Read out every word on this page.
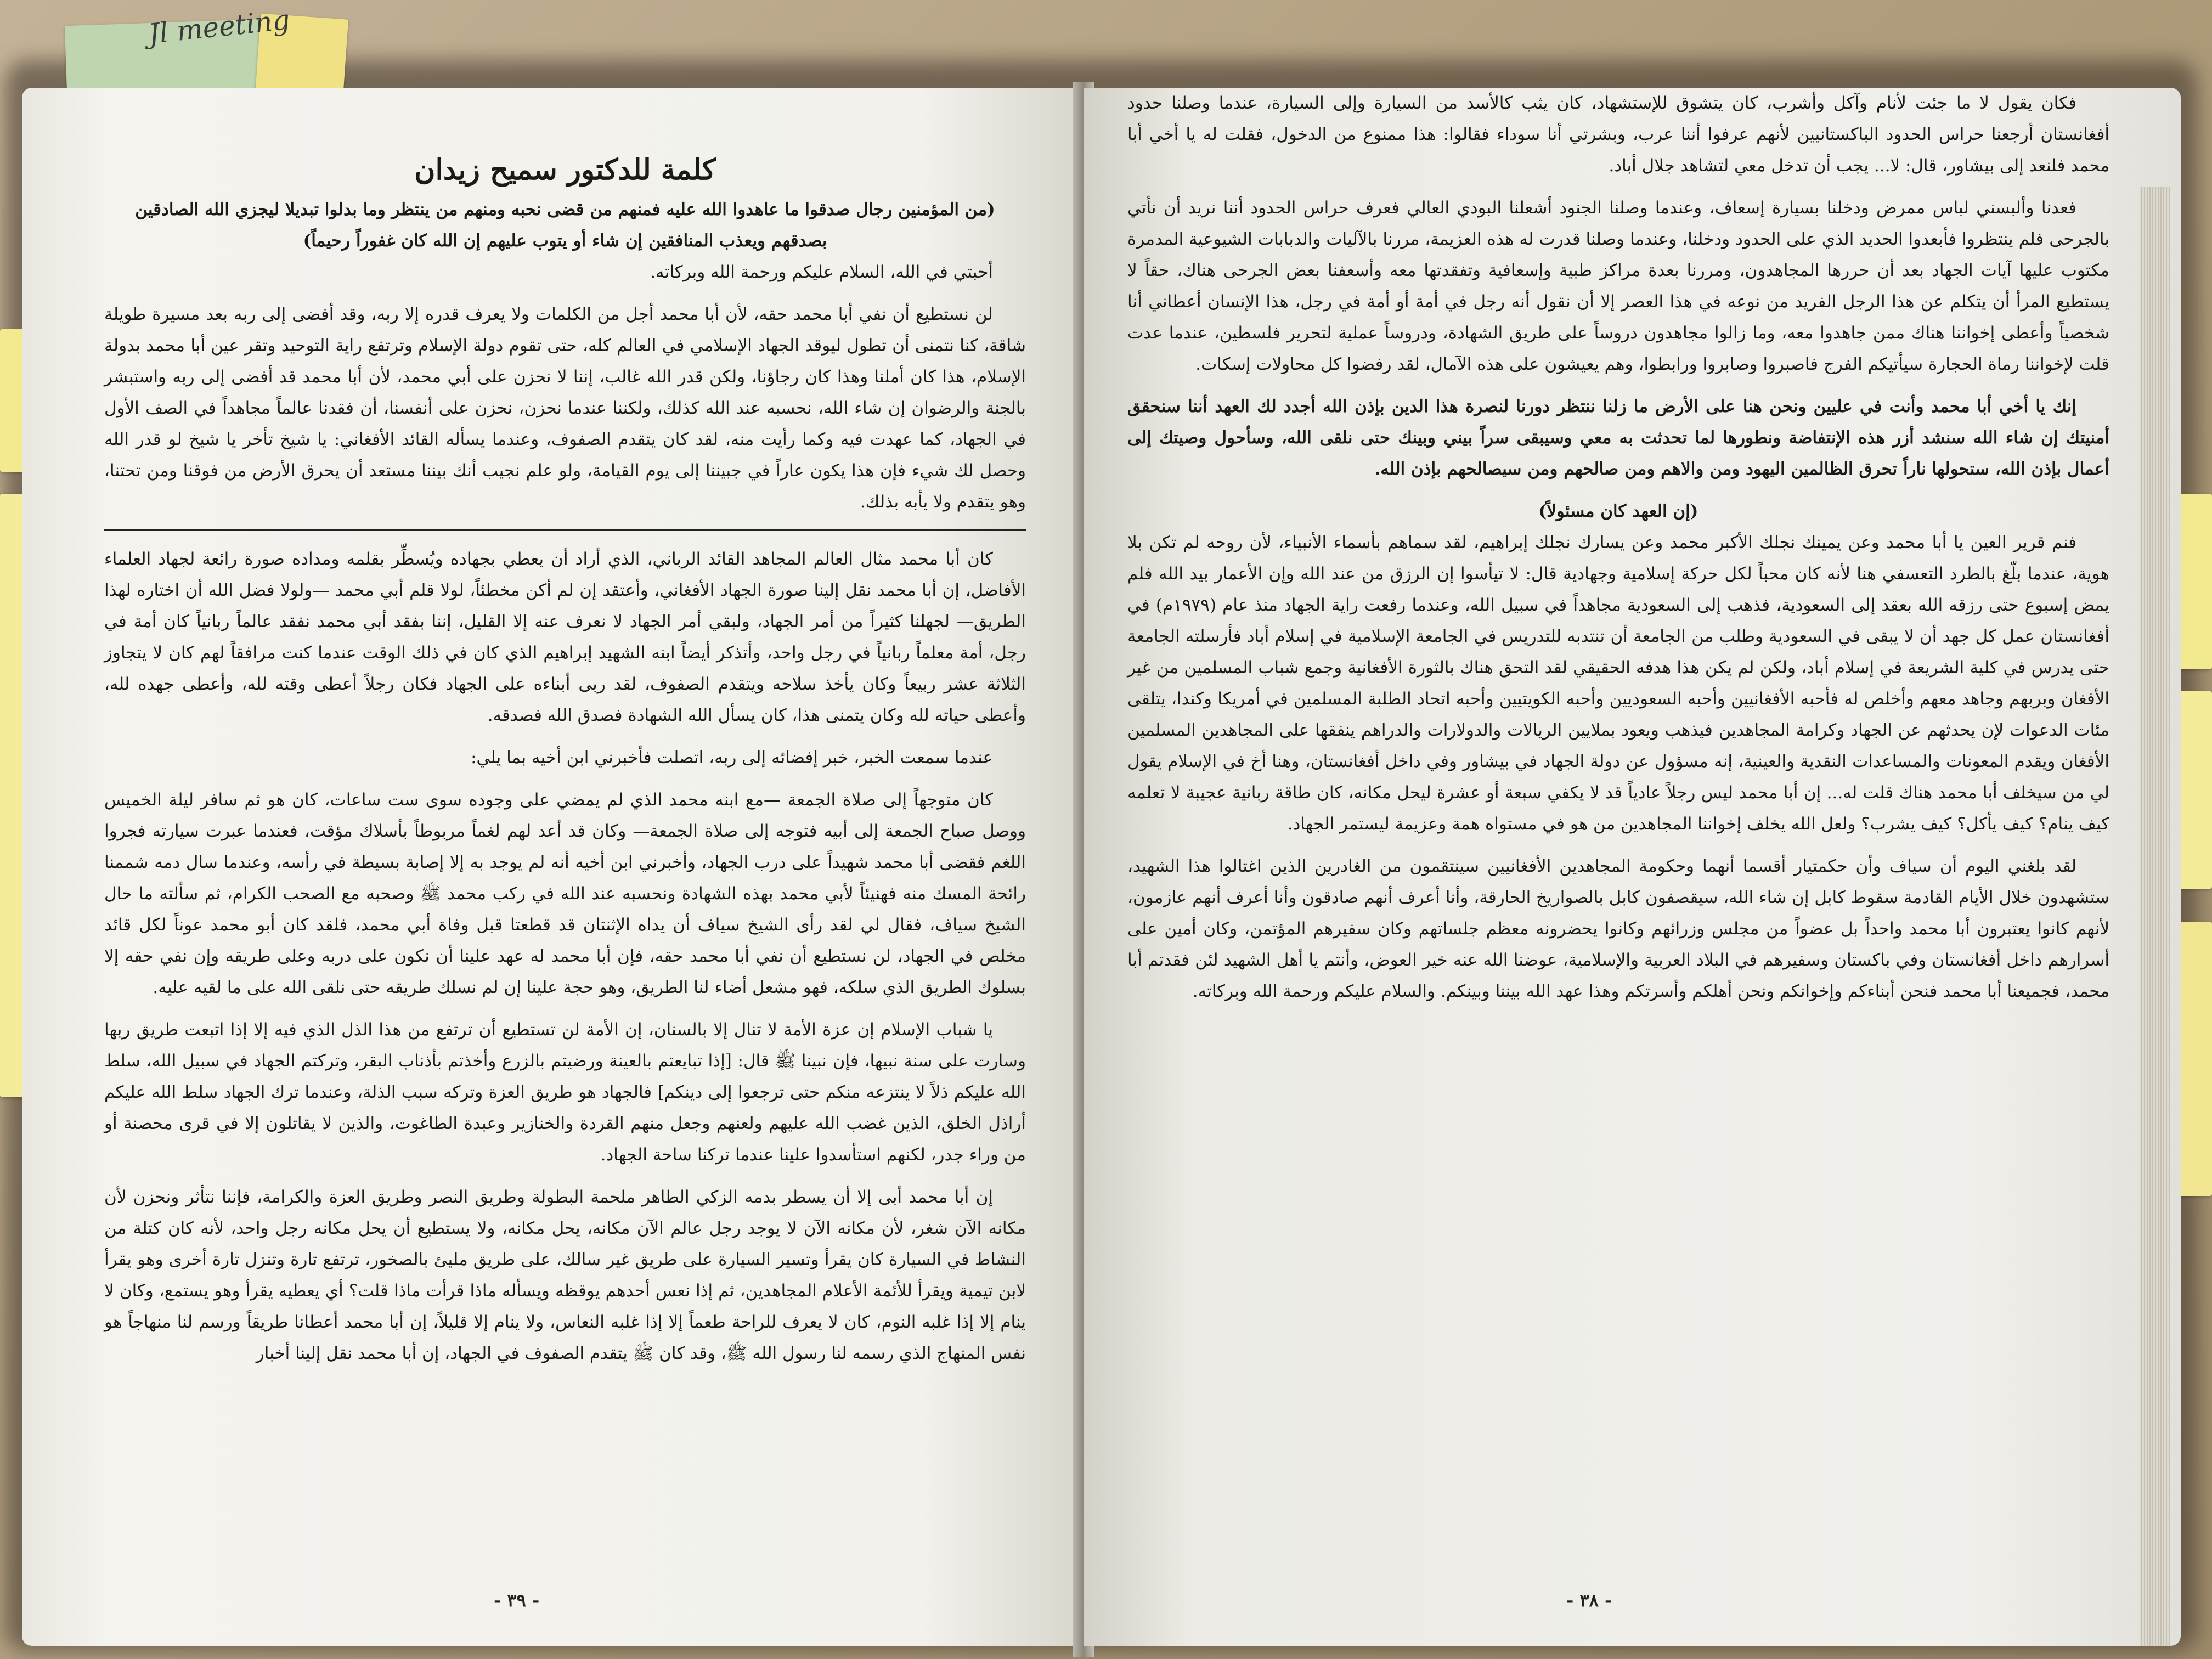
Jl meeting
كلمة للدكتور سميح زيدان
(من المؤمنين رجال صدقوا ما عاهدوا الله عليه فمنهم من قضى نحبه ومنهم من ينتظر وما بدلوا تبديلا ليجزي الله الصادقين
بصدقهم ويعذب المنافقين إن شاء أو يتوب عليهم إن الله كان غفوراً رحيماً)
أحبتي في الله، السلام عليكم ورحمة الله وبركاته.
لن نستطيع أن نفي أبا محمد حقه، لأن أبا محمد أجل من الكلمات ولا يعرف قدره إلا ربه، وقد أفضى إلى ربه بعد مسيرة طويلة شاقة، كنا نتمنى أن تطول ليوقد الجهاد الإسلامي في العالم كله، حتى تقوم دولة الإسلام وترتفع راية التوحيد وتقر عين أبا محمد بدولة الإسلام، هذا كان أملنا وهذا كان رجاؤنا، ولكن قدر الله غالب، إننا لا نحزن على أبي محمد، لأن أبا محمد قد أفضى إلى ربه واستبشر بالجنة والرضوان إن شاء الله، نحسبه عند الله كذلك، ولكننا عندما نحزن، نحزن على أنفسنا، أن فقدنا عالماً مجاهداً في الصف الأول في الجهاد، كما عهدت فيه وكما رأيت منه، لقد كان يتقدم الصفوف، وعندما يسأله القائد الأفغاني: يا شيخ تأخر يا شيخ لو قدر الله وحصل لك شيء فإن هذا يكون عاراً في جبيننا إلى يوم القيامة، ولو علم نجيب أنك بيننا مستعد أن يحرق الأرض من فوقنا ومن تحتنا، وهو يتقدم ولا يأبه بذلك.
كان أبا محمد مثال العالم المجاهد القائد الرباني، الذي أراد أن يعطي بجهاده ويُسطِّر بقلمه ومداده صورة رائعة لجهاد العلماء الأفاضل، إن أبا محمد نقل إلينا صورة الجهاد الأفغاني، وأعتقد إن لم أكن مخطئاً، لولا قلم أبي محمد —ولولا فضل الله أن اختاره لهذا الطريق— لجهلنا كثيراً من أمر الجهاد، ولبقي أمر الجهاد لا نعرف عنه إلا القليل، إننا بفقد أبي محمد نفقد عالماً ربانياً كان أمة في رجل، أمة معلماً ربانياً في رجل واحد، وأتذكر أيضاً ابنه الشهيد إبراهيم الذي كان في ذلك الوقت عندما كنت مرافقاً لهم كان لا يتجاوز الثلاثة عشر ربيعاً وكان يأخذ سلاحه ويتقدم الصفوف، لقد ربى أبناءه على الجهاد فكان رجلاً أعطى وقته لله، وأعطى جهده لله، وأعطى حياته لله وكان يتمنى هذا، كان يسأل الله الشهادة فصدق الله فصدقه.
عندما سمعت الخبر، خبر إفضائه إلى ربه، اتصلت فأخبرني ابن أخيه بما يلي:
كان متوجهاً إلى صلاة الجمعة —مع ابنه محمد الذي لم يمضي على وجوده سوى ست ساعات، كان هو ثم سافر ليلة الخميس ووصل صباح الجمعة إلى أبيه فتوجه إلى صلاة الجمعة— وكان قد أعد لهم لغماً مربوطاً بأسلاك مؤقت، فعندما عبرت سيارته فجروا اللغم فقضى أبا محمد شهيداً على درب الجهاد، وأخبرني ابن أخيه أنه لم يوجد به إلا إصابة بسيطة في رأسه، وعندما سال دمه شممنا رائحة المسك منه فهنيئاً لأبي محمد بهذه الشهادة ونحسبه عند الله في ركب محمد ﷺ وصحبه مع الصحب الكرام، ثم سألته ما حال الشيخ سياف، فقال لي لقد رأى الشيخ سياف أن يداه الإثنتان قد قطعتا قبل وفاة أبي محمد، فلقد كان أبو محمد عوناً لكل قائد مخلص في الجهاد، لن نستطيع أن نفي أبا محمد حقه، فإن أبا محمد له عهد علينا أن نكون على دربه وعلى طريقه وإن نفي حقه إلا بسلوك الطريق الذي سلكه، فهو مشعل أضاء لنا الطريق، وهو حجة علينا إن لم نسلك طريقه حتى نلقى الله على ما لقيه عليه.
يا شباب الإسلام إن عزة الأمة لا تنال إلا بالسنان، إن الأمة لن تستطيع أن ترتفع من هذا الذل الذي فيه إلا إذا اتبعت طريق ربها وسارت على سنة نبيها، فإن نبينا ﷺ قال: [إذا تبايعتم بالعينة ورضيتم بالزرع وأخذتم بأذناب البقر، وتركتم الجهاد في سبيل الله، سلط الله عليكم ذلاً لا ينتزعه منكم حتى ترجعوا إلى دينكم] فالجهاد هو طريق العزة وتركه سبب الذلة، وعندما ترك الجهاد سلط الله عليكم أراذل الخلق، الذين غضب الله عليهم ولعنهم وجعل منهم القردة والخنازير وعبدة الطاغوت، والذين لا يقاتلون إلا في قرى محصنة أو من وراء جدر، لكنهم استأسدوا علينا عندما تركنا ساحة الجهاد.
إن أبا محمد أبى إلا أن يسطر بدمه الزكي الطاهر ملحمة البطولة وطريق النصر وطريق العزة والكرامة، فإننا نتأثر ونحزن لأن مكانه الآن شغر، لأن مكانه الآن لا يوجد رجل عالم الآن مكانه، يحل مكانه، ولا يستطيع أن يحل مكانه رجل واحد، لأنه كان كتلة من النشاط في السيارة كان يقرأ وتسير السيارة على طريق غير سالك، على طريق مليئ بالصخور، ترتفع تارة وتنزل تارة أخرى وهو يقرأ لابن تيمية ويقرأ للأئمة الأعلام المجاهدين، ثم إذا نعس أحدهم يوقظه ويسأله ماذا قرأت ماذا قلت؟ أي يعطيه يقرأ وهو يستمع، وكان لا ينام إلا إذا غلبه النوم، كان لا يعرف للراحة طعماً إلا إذا غلبه النعاس، ولا ينام إلا قليلاً، إن أبا محمد أعطانا طريقاً ورسم لنا منهاجاً هو نفس المنهاج الذي رسمه لنا رسول الله ﷺ، وقد كان ﷺ يتقدم الصفوف في الجهاد، إن أبا محمد نقل إلينا أخبار
- ٣٩ -
فكان يقول لا ما جئت لأنام وآكل وأشرب، كان يتشوق للإستشهاد، كان يثب كالأسد من السيارة وإلى السيارة، عندما وصلنا حدود أفغانستان أرجعنا حراس الحدود الباكستانيين لأنهم عرفوا أننا عرب، وبشرتي أنا سوداء فقالوا: هذا ممنوع من الدخول، فقلت له يا أخي أبا محمد فلنعد إلى بيشاور، قال: لا... يجب أن تدخل معي لتشاهد جلال أباد.
فعدنا وألبسني لباس ممرض ودخلنا بسيارة إسعاف، وعندما وصلنا الجنود أشعلنا البودي العالي فعرف حراس الحدود أننا نريد أن نأتي بالجرحى فلم ينتظروا فأبعدوا الحديد الذي على الحدود ودخلنا، وعندما وصلنا قدرت له هذه العزيمة، مررنا بالآليات والدبابات الشيوعية المدمرة مكتوب عليها آيات الجهاد بعد أن حررها المجاهدون، ومررنا بعدة مراكز طبية وإسعافية وتفقدتها معه وأسعفنا بعض الجرحى هناك، حقاً لا يستطيع المرأ أن يتكلم عن هذا الرجل الفريد من نوعه في هذا العصر إلا أن نقول أنه رجل في أمة أو أمة في رجل، هذا الإنسان أعطاني أنا شخصياً وأعطى إخواننا هناك ممن جاهدوا معه، وما زالوا مجاهدون دروساً على طريق الشهادة، ودروساً عملية لتحرير فلسطين، عندما عدت قلت لإخواننا رماة الحجارة سيأتيكم الفرج فاصبروا وصابروا ورابطوا، وهم يعيشون على هذه الآمال، لقد رفضوا كل محاولات إسكات.
إنك يا أخي أبا محمد وأنت في عليين ونحن هنا على الأرض ما زلنا ننتظر دورنا لنصرة هذا الدين بإذن الله أجدد لك العهد أننا سنحقق أمنيتك إن شاء الله سنشد أزر هذه الإنتفاضة ونطورها لما تحدثت به معي وسيبقى سراً بيني وبينك حتى نلقى الله، وسأحول وصيتك إلى أعمال بإذن الله، ستحولها ناراً تحرق الظالمين اليهود ومن والاهم ومن صالحهم ومن سيصالحهم بإذن الله.
(إن العهد كان مسئولاً)
فنم قرير العين يا أبا محمد وعن يمينك نجلك الأكبر محمد وعن يسارك نجلك إبراهيم، لقد سماهم بأسماء الأنبياء، لأن روحه لم تكن بلا هوية، عندما بلّغ بالطرد التعسفي هنا لأنه كان محباً لكل حركة إسلامية وجهادية قال: لا تيأسوا إن الرزق من عند الله وإن الأعمار بيد الله فلم يمض إسبوع حتى رزقه الله بعقد إلى السعودية، فذهب إلى السعودية مجاهداً في سبيل الله، وعندما رفعت راية الجهاد منذ عام (١٩٧٩م) في أفغانستان عمل كل جهد أن لا يبقى في السعودية وطلب من الجامعة أن تنتدبه للتدريس في الجامعة الإسلامية في إسلام أباد فأرسلته الجامعة حتى يدرس في كلية الشريعة في إسلام أباد، ولكن لم يكن هذا هدفه الحقيقي لقد التحق هناك بالثورة الأفغانية وجمع شباب المسلمين من غير الأفغان وبربهم وجاهد معهم وأخلص له فأحبه الأفغانيين وأحبه السعوديين وأحبه الكويتيين وأحبه اتحاد الطلبة المسلمين في أمريكا وكندا، يتلقى مئات الدعوات لإن يحدثهم عن الجهاد وكرامة المجاهدين فيذهب ويعود بملايين الريالات والدولارات والدراهم ينفقها على المجاهدين المسلمين الأفغان ويقدم المعونات والمساعدات النقدية والعينية، إنه مسؤول عن دولة الجهاد في بيشاور وفي داخل أفغانستان، وهنا أخ في الإسلام يقول لي من سيخلف أبا محمد هناك قلت له... إن أبا محمد ليس رجلاً عادياً قد لا يكفي سبعة أو عشرة ليحل مكانه، كان طاقة ربانية عجيبة لا تعلمه كيف ينام؟ كيف يأكل؟ كيف يشرب؟ ولعل الله يخلف إخواننا المجاهدين من هو في مستواه همة وعزيمة ليستمر الجهاد.
لقد بلغني اليوم أن سياف وأن حكمتيار أقسما أنهما وحكومة المجاهدين الأفغانيين سينتقمون من الغادرين الذين اغتالوا هذا الشهيد، ستشهدون خلال الأيام القادمة سقوط كابل إن شاء الله، سيقصفون كابل بالصواريخ الحارقة، وأنا أعرف أنهم صادقون وأنا أعرف أنهم عازمون، لأنهم كانوا يعتبرون أبا محمد واحداً بل عضواً من مجلس وزرائهم وكانوا يحضرونه معظم جلساتهم وكان سفيرهم المؤتمن، وكان أمين على أسرارهم داخل أفغانستان وفي باكستان وسفيرهم في البلاد العربية والإسلامية، عوضنا الله عنه خير العوض، وأنتم يا أهل الشهيد لئن فقدتم أبا محمد، فجميعنا أبا محمد فنحن أبناءكم وإخوانكم ونحن أهلكم وأسرتكم وهذا عهد الله بيننا وبينكم. والسلام عليكم ورحمة الله وبركاته.
- ٣٨ -
